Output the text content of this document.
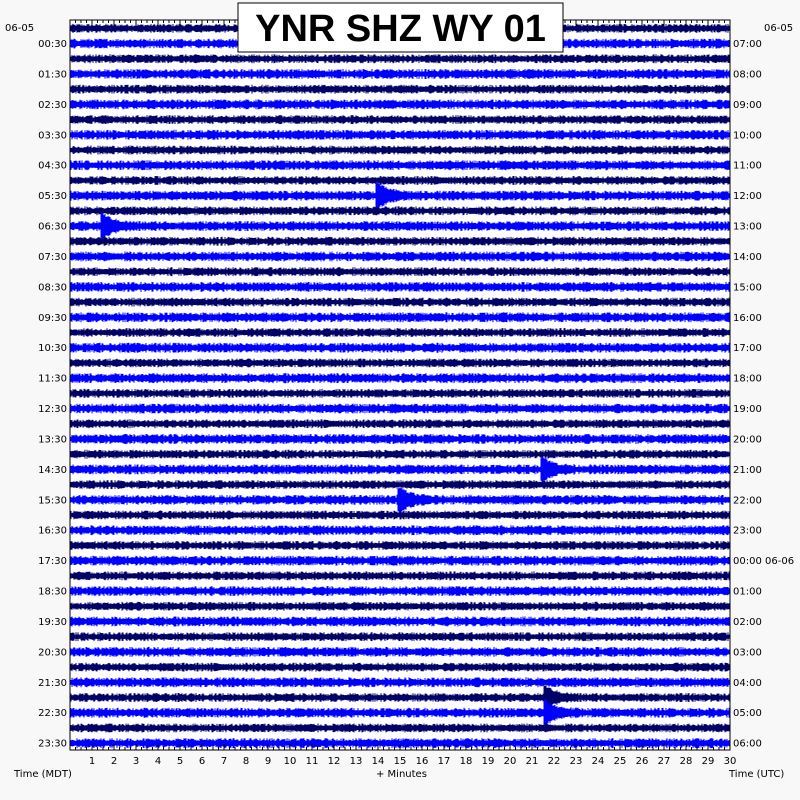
06-05	06-05
Time (MDT)	+ Minutes	Time (UTC)
1 2 3 4 5 6 7 8 9 10 11 12 13 14 15 16 17 18 19 20 21 22 23 24 25 26 27 28 29 30
00:30
01:30
02:30
03:30
04:30
05:30
06:30
07:30
08:30
09:30
10:30
11:30
12:30
13:30
14:30
15:30
16:30
17:30
18:30
19:30
20:30
21:30
22:30
23:30
07:00
08:00
09:00
10:00
11:00
12:00
13:00
14:00
15:00
16:00
17:00
18:00
19:00
20:00
21:00
22:00
23:00
00:00 06-06
01:00
02:00
03:00
04:00
05:00
06:00
YNR SHZ WY 01
